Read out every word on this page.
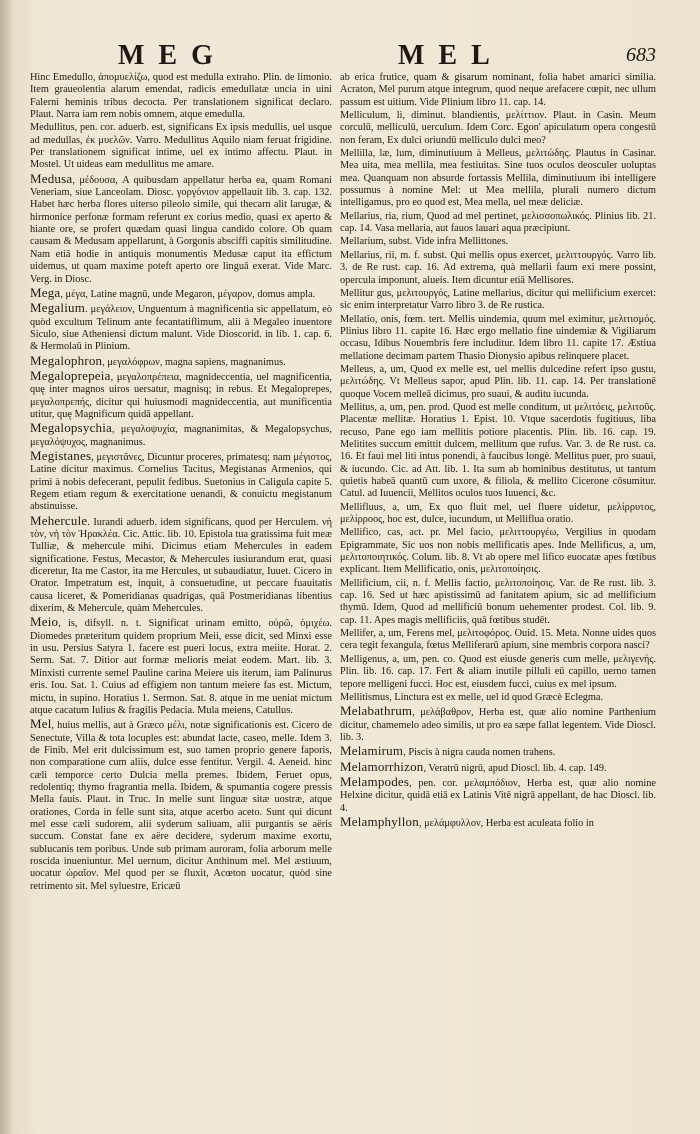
MEG	MEL	683

Hinc Emedullo, ἀπομυελίζω, quod est medulla extraho. Plin. de limonio. Item graueolentia alarum emendat, radicis emedullatæ uncia in uini Falerni heminis tribus decocta. Per translationem significat declaro. Plaut. Narra iam rem nobis omnem, atque emedulla.

Medullitus, pen. cor. aduerb. est, significans Ex ipsis medullis, uel usque ad medullas, ἐκ μυελῶν. Varro. Medullitus Aquilo niam feruat frigidine. Per translationem significat intime, uel ex intimo affectu. Plaut. in Mostel. Ut uideas eam medullitus me amare.

Medusa, μέδουσα, A quibusdam appellatur herba ea, quam Romani Veneriam, siue Lanceolam. Diosc. γοργόνιον appellauit lib. 3. cap. 132. Habet hæc herba flores uiterso pileolo simile, qui thecarn alit larugæ, & hirmonice perfonæ formam referunt ex corius medio, quasi ex aperto & hiante ore, se profert quædam quasi lingua candido colore. Ob quam causam & Medusam appellarunt, à Gorgonis absciffi capitis similitudine. Nam etiā hodie in antiquis monumentis Medusæ caput ita effictum uidemus, ut quam maxime poteft aperto ore linguā exerat. Vide Marc. Verg. in Diosc.

Mega, μέγα, Latine magnū, unde Megaron, μέγαρον, domus ampla.

Megalium. μεγάλειον, Unguentum à magnificentia sic appellatum, eò quòd excultum Telinum ante fecantatiflimum, alii à Megaleo inuentore Siculo, siue Atheniensi dictum malunt. Vide Dioscorid. in lib. 1. cap. 6. & Hermolaū in Plinium.

Megalophron, μεγαλόφρων, magna sapiens, magnanimus.

Megaloprepeia, μεγαλοπρέπεια, magnideccentia, uel magnificentia, quę inter magnos uiros uersatur, magnisq; in rebus. Et Megaloprepes, μεγαλοπρεπής, dicitur qui huiusmodi magnideccentia, aut munificentia utitur, quę Magnificum quidā appellant.

Megalopsychia, μεγαλοψυχία, magnanimitas, & Megalopsychus, μεγαλόψυχος, magnanimus.

Megistanes, μεγιστᾶνες, Dicuntur proceres, primatesq; nam μέγιστος, Latine dicitur maximus. Cornelius Tacitus, Megistanas Armenios, qui primi à nobis defecerant, pepulit fedibus. Suetonius in Caligula capite 5. Regem etiam regum & exercitatione uenandi, & conuictu megistanum abstinuisse.

Mehercule. Iurandi aduerb. idem significans, quod per Herculem. νὴ τὸν, νὴ τὸν Ἡρακλέα. Cic. Attic. lib. 10. Epistola tua gratissima fuit meæ Tulliæ, & mehercule mihi. Dicimus etiam Mehercules in eadem significatione. Festus, Mecastor, & Mehercules iusiurandum erat, quasi diceretur, Ita me Castor, ita me Hercules, ut subaudiatur, Iuuet. Cicero in Orator. Impetratum est, inquit, à consuetudine, ut peccare fuauitatis causa liceret, & Pomeridianas quadrigas, quā Postmeridianas libentius dixerim, & Mehercule, quàm Mehercules.

Meio, is, difsyll. n. t. Significat urinam emitto, οὐρῶ, ὀμιχέω. Diomedes præteritum quidem proprium Meii, esse dicit, sed Minxi esse in usu. Persius Satyra 1. facere est pueri locus, extra meiite. Horat. 2. Serm. Sat. 7. Ditior aut formæ melioris meiat eodem. Mart. lib. 3. Minxisti currente semel Pauline carina Meiere uis iterum, iam Palinurus eris. Iou. Sat. 1. Cuius ad effigiem non tantum meiere fas est. Mictum, mictu, in supino. Horatius 1. Sermon. Sat. 8. atque in me ueniat mictum atque cacatum Iulius & fragilis Pedacia. Mula meiens, Catullus.

Mel, huius mellis, aut à Græco μέλι, notæ significationis est. Cicero de Senectute, Villa & tota locuples est: abundat lacte, caseo, melle. Idem 3. de Finib. Mel erit dulcissimum est, suo tamen proprio genere faporis, non comparatione cum aliis, dulce esse fentitur. Vergil. 4. Aeneid. hinc cæli temporce certo Dulcia mella premes. Ibidem, Feruet opus, redolentiq; thymo fragrantia mella. Ibidem, & spumantia cogere pressis Mella fauis. Plaut. in Truc. In melle sunt linguæ sitæ uostræ, atque orationes, Corda in felle sunt sita, atque acerbo aceto. Sunt qui dicunt mel esse cæli sudorem, alii syderum saliuam, alii purgantis se aëris succum. Constat fane ex aëre decidere, syderum maxime exortu, sublucanis tem poribus. Unde sub primam auroram, folia arborum melle roscida inueniuntur. Mel uernum, dicitur Anthinum mel. Mel æstiuum, uocatur ὡραῖον. Mel quod per se fluxit, Acœton uocatur, quòd sine retrimento sit. Mel syluestre, Ericæū

ab erica frutice, quam & gisarum nominant, folia habet amarici similia. Acraton, Mel purum atque integrum, quod neque arefacere cœpit, nec ullum passum est uitium. Vide Plinium libro 11. cap. 14.

Melliculum, li, diminut. blandientis, μελίττιον. Plaut. in Casin. Meum corculū, melliculū, uerculum. Idem Corc. Egon' apiculatum opera congestū non feram, Ex dulci oriundū melliculo dulci meo?

Mellilla, læ, lum, diminutiuum à Melleus, μελιτώδης. Plautus in Casinar. Mea uita, mea mellila, mea festiuitas. Sine tuos oculos deosculer uoluptas mea. Quanquam non absurde fortassis Mellila, diminutiuum ibi intelligere possumus à nomine Mel: ut Mea mellila, plurali numero dictum intelligamus, pro eo quod est, Mea mella, uel meæ deliciæ.

Mellarius, ria, rium, Quod ad mel pertinet, μελισσοπωλικός. Plinius lib. 21. cap. 14. Vasa mellaria, aut fauos lauari aqua præcipiunt.

Mellarium, subst. Vide infra Mellittones.

Mellarius, rii, m. f. subst. Qui mellis opus exercet, μελιττουργός. Varro lib. 3. de Re rust. cap. 16. Ad extrema, quà mellarii faum exi mere possint, opercula imponunt, alueis. Item dicuntur etiā Mellisores.

Mellitur gus, μελιτουργός, Latine mellarius, dicitur qui mellificium exercet: sic enim interpretatur Varro libro 3. de Re rustica.

Mellatio, onis, fœm. tert. Mellis uindemia, quum mel eximitur, μελιτισμός. Plinius libro 11. capite 16. Hæc ergo mellatio fine uindemiæ & Vigiliarum occasu, Idibus Nouembris fere includitur. Idem libro 11. capite 17. Æstiua mellatione decimam partem Thasio Dionysio apibus relinquere placet.

Melleus, a, um, Quod ex melle est, uel mellis dulcedine refert ipso gustu, μελιτώδης. Vt Melleus sapor, apud Plin. lib. 11. cap. 14. Per translationē quoque Vocem melleā dicimus, pro suaui, & auditu iucunda.

Mellitus, a, um, pen. prod. Quod est melle conditum, ut μελιτόεις, μελιτοῦς. Placentæ mellitæ. Horatius 1. Epist. 10. Vtque sacerdotis fugitiuus, liba recuso, Pane ego iam mellitis potiore placentis. Plin. lib. 16. cap. 19. Melitites succum emittit dulcem, mellitum que rufus. Var. 3. de Re rust. ca. 16. Et faui mel liti intus ponendi, à faucibus longè. Mellitus puer, pro suaui, & iucundo. Cic. ad Att. lib. 1. Ita sum ab hominibus destitutus, ut tantum quietis habeā quantū cum uxore, & filiola, & mellito Cicerone cōsumitur. Catul. ad Iuuencii, Mellitos oculos tuos Iuuenci, &c.

Mellifluus, a, um, Ex quo fluit mel, uel fluere uidetur, μελίρρυτος, μελίρροος, hoc est, dulce, iucundum, ut Melliflua oratio.

Mellifico, cas, act. pr. Mel facio, μελιττουργέω, Vergilius in quodam Epigrammate, Sic uos non nobis mellificatis apes. Inde Mellificus, a, um, μελιτοποιητικός. Colum. lib. 8. Vt ab opere mel lifico euocatæ apes fœtibus explicant. Item Mellificatio, onis, μελιτοποίησις.

Mellificium, cii, n. f. Mellis factio, μελιτοποίησις. Var. de Re rust. lib. 3. cap. 16. Sed ut hæc apistissimū ad fanitatem apium, sic ad mellificium thymū. Idem, Quod ad mellificiū bonum uehementer prodest. Col. lib. 9. cap. 11. Apes magis mellificiis, quā fœtibus studēt.

Mellifer, a, um, Ferens mel, μελιτοφόρος. Ouid. 15. Meta. Nonne uides quos cera tegit fexangula, fœtus Melliferarū apium, sine membris corpora nasci?

Melligenus, a, um, pen. co. Quod est eiusde generis cum melle, μελιγενής. Plin. lib. 16. cap. 17. Fert & aliam inutile pilluli eū capillo, uerno tamen tepore melligeni fucci. Hoc est, eiusdem fucci, cuius ex mel ipsum.

Mellitismus, Linctura est ex melle, uel id quod Græcè Eclegma.

Melabathrum, μελάβαθρον, Herba est, quæ alio nomine Parthenium dicitur, chamemelo adeo similis, ut pro ea sæpe fallat legentem. Vide Dioscl. lib. 3.

Melamirum, Piscis à nigra cauda nomen trahens.

Melamorrhizon, Veratrū nigrū, apud Dioscl. lib. 4. cap. 149.

Melampodes, pen. cor. μελαμπόδιον, Herba est, quæ alio nomine Helxine dicitur, quidā etiā ex Latinis Vitē nigrā appellant, de hac Dioscl. lib. 4.

Melamphyllon, μελάμφυλλον, Herba est aculeata folio in
